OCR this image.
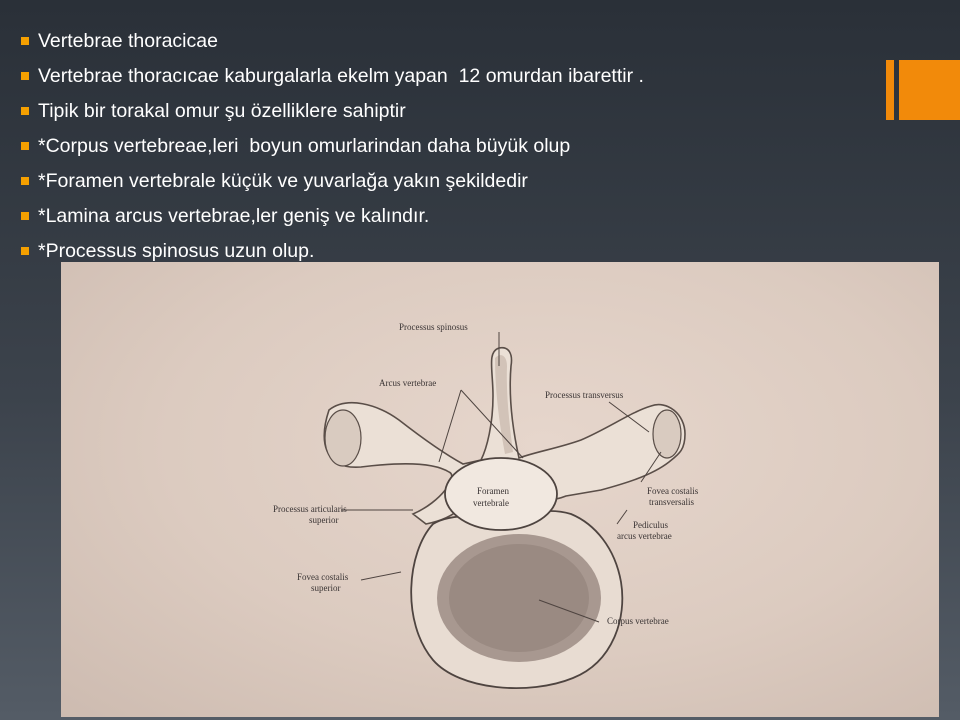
Vertebrae thoracicae
Vertebrae thoracıcae kaburgalarla ekelm yapan  12 omurdan ibarettir .
Tipik bir torakal omur şu özelliklere sahiptir
*Corpus vertebreae,leri  boyun omurlarindan daha büyük olup
*Foramen vertebrale küçük ve yuvarlağa yakın şekildedir
*Lamina arcus vertebrae,ler geniş ve kalındır.
*Processus spinosus uzun olup.
Processus spinosus
Arcus vertebrae
Processus transversus
Foramen
vertebrale
Processus articularis
superior
Fovea costalis
transversalis
Pediculus
arcus vertebrae
Fovea costalis
superior
Corpus vertebrae
